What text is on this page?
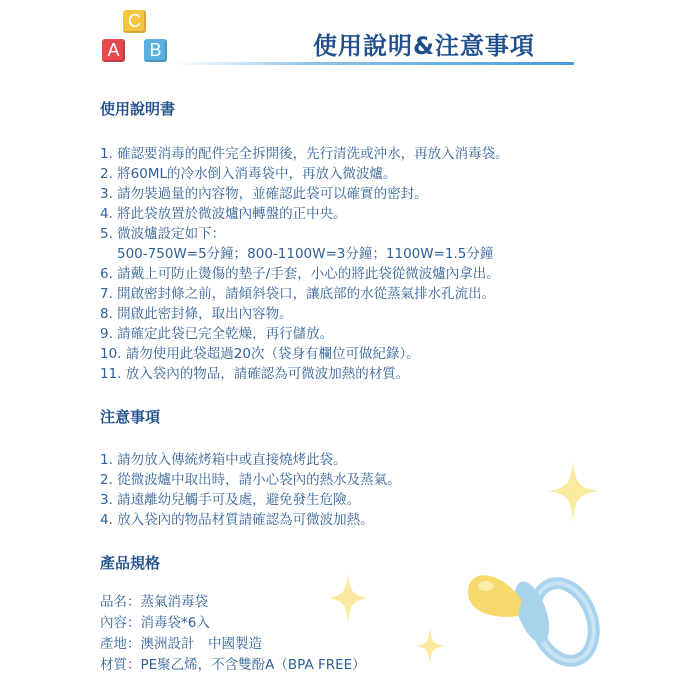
C
A	B	使用說明&注意事項
使用說明書
1. 確認要消毒的配件完全拆開後，先行清洗或沖水，再放入消毒袋。
2. 將60ML的冷水倒入消毒袋中，再放入微波爐。
3. 請勿裝過量的內容物，並確認此袋可以確實的密封。
4. 將此袋放置於微波爐內轉盤的正中央。
5. 微波爐設定如下：
500-750W=5分鐘；800-1100W=3分鐘；1100W=1.5分鐘
6. 請戴上可防止燙傷的墊子/手套，小心的將此袋從微波爐內拿出。
7. 開啟密封條之前，請傾斜袋口，讓底部的水從蒸氣排水孔流出。
8. 開啟此密封條，取出內容物。
9. 請確定此袋已完全乾燥，再行儲放。
10. 請勿使用此袋超過20次（袋身有欄位可做紀錄）。
11. 放入袋內的物品，請確認為可微波加熱的材質。
注意事項
1. 請勿放入傳統烤箱中或直接燒烤此袋。
2. 從微波爐中取出時，請小心袋內的熱水及蒸氣。
3. 請遠離幼兒觸手可及處，避免發生危險。
4. 放入袋內的物品材質請確認為可微波加熱。
產品規格
品名：蒸氣消毒袋
內容：消毒袋*6入
產地：澳洲設計　中國製造
材質：PE聚乙烯，不含雙酚A（BPA FREE）
